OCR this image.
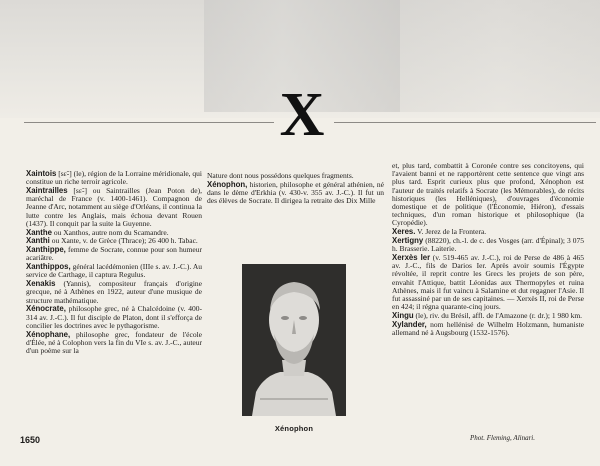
X

Xaintois [sɛ̃-] (le), région de la Lorraine méridionale, qui constitue un riche terroir agricole.

Xaintrailles [sɛ̃-] ou Saintrailles (Jean Poton de), maréchal de France (v. 1400-1461). Compagnon de Jeanne d'Arc, notamment au siège d'Orléans, il continua la lutte contre les Anglais, mais échoua devant Rouen (1437). Il conquit par la suite la Guyenne.

Xanthe ou Xanthos, autre nom du Scamandre.

Xanthi ou Xante, v. de Grèce (Thrace); 26 400 h. Tabac.

Xanthippe, femme de Socrate, connue pour son humeur acariâtre.

Xanthippos, général lacédémonien (IIIe s. av. J.-C.). Au service de Carthage, il captura Regulus.

Xenakis (Yannis), compositeur français d'origine grecque, né à Athènes en 1922, auteur d'une musique de structure mathématique.

Xénocrate, philosophe grec, né à Chalcédoine (v. 400-314 av. J.-C.). Il fut disciple de Platon, dont il s'efforça de concilier les doctrines avec le pythagorisme.

Xénophane, philosophe grec, fondateur de l'école d'Élée, né à Colophon vers la fin du VIe s. av. J.-C., auteur d'un poème sur la

Nature dont nous possédons quelques fragments.

Xénophon, historien, philosophe et général athénien, né dans le dème d'Erkhia (v. 430-v. 355 av. J.-C.). Il fut un des élèves de Socrate. Il dirigea la retraite des Dix Mille

Xénophon

et, plus tard, combattit à Coronée contre ses concitoyens, qui l'avaient banni et ne rapportèrent cette sentence que vingt ans plus tard. Esprit curieux plus que profond, Xénophon est l'auteur de traités relatifs à Socrate (les Mémorables), de récits historiques (les Helléniques), d'ouvrages d'économie domestique et de politique (l'Économie, Hiéron), d'essais techniques, d'un roman historique et philosophique (la Cyropédie).

Xeres. V. Jerez de la Frontera.

Xertigny (88220), ch.-l. de c. des Vosges (arr. d'Épinal); 3 075 h. Brasserie. Laiterie.

Xerxès Ier (v. 519-465 av. J.-C.), roi de Perse de 486 à 465 av. J.-C., fils de Darios Ier. Après avoir soumis l'Égypte révoltée, il reprit contre les Grecs les projets de son père, envahit l'Attique, battit Léonidas aux Thermopyles et ruina Athènes, mais il fut vaincu à Salamine et dut regagner l'Asie. Il fut assassiné par un de ses capitaines. — Xerxès II, roi de Perse en 424; il régna quarante-cinq jours.

Xingu (le), riv. du Brésil, affl. de l'Amazone (r. dr.); 1 980 km.

Xylander, nom hellénisé de Wilhelm Holzmann, humaniste allemand né à Augsbourg (1532-1576).

1650	Phot. Fleming, Alinari.
